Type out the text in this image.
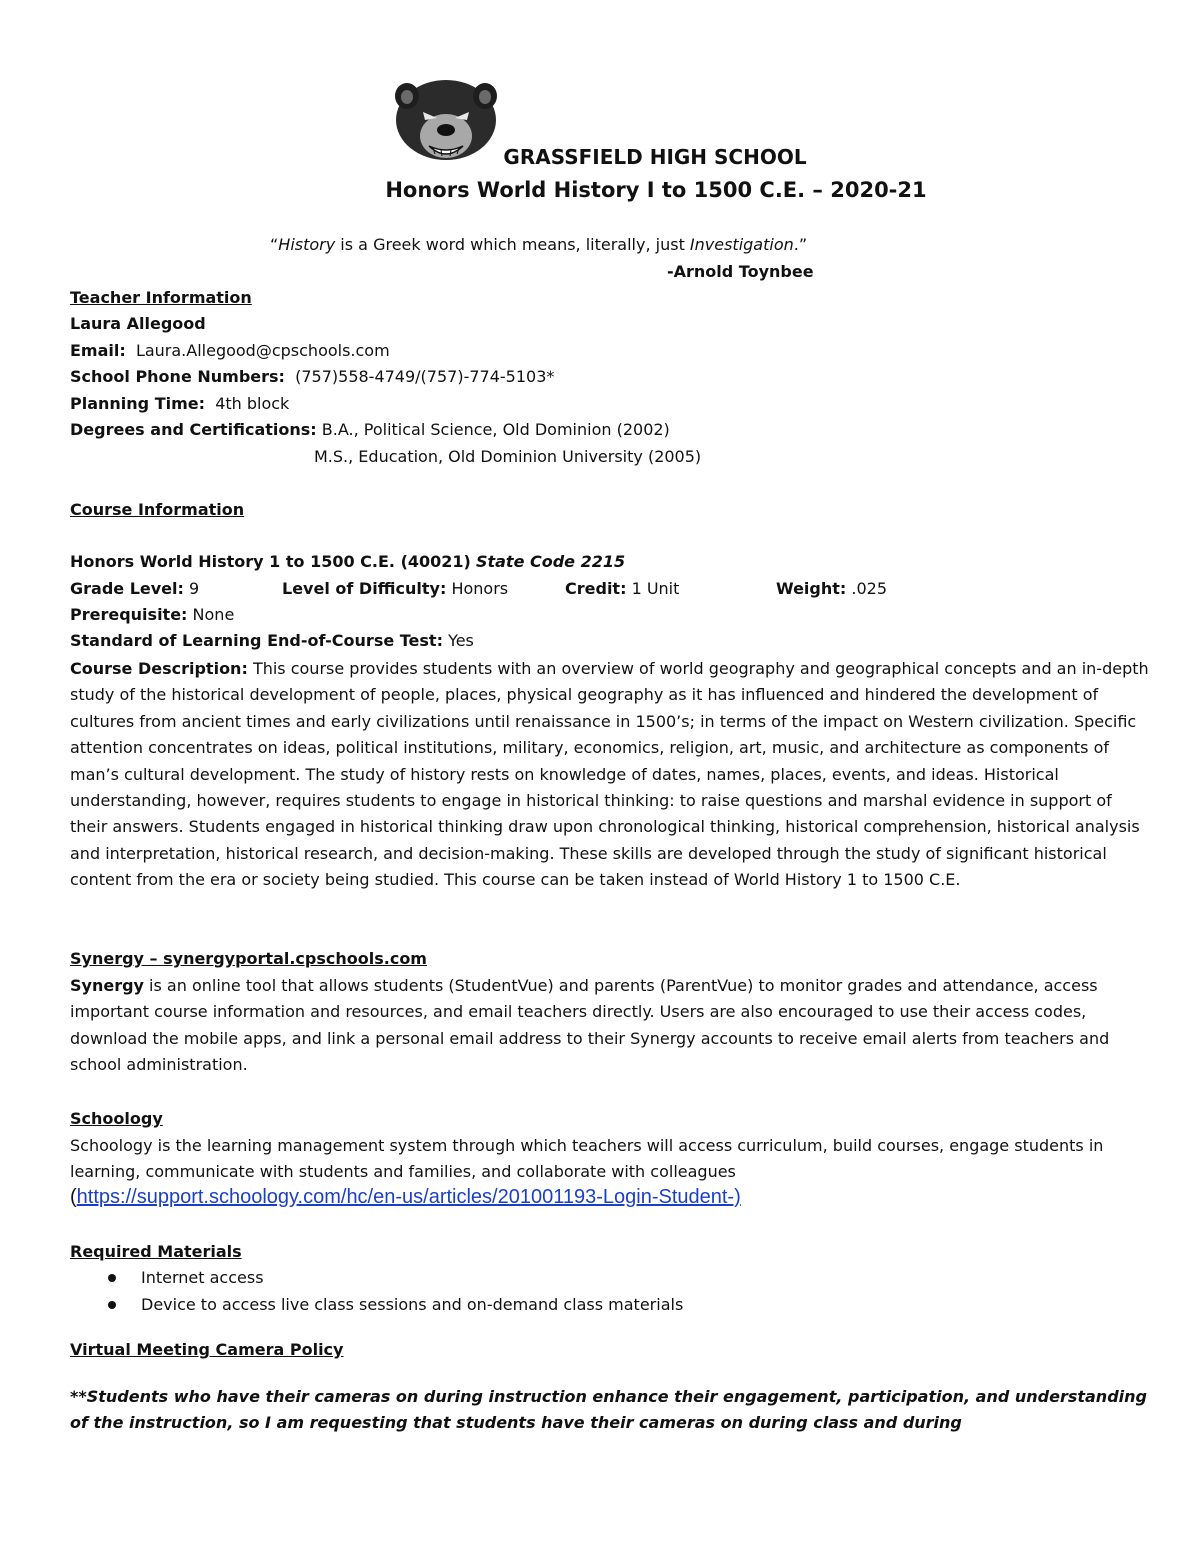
GRASSFIELD HIGH SCHOOL
Honors World History I to 1500 C.E. – 2020-21
“History is a Greek word which means, literally, just Investigation.”
-Arnold Toynbee
Teacher Information
Laura Allegood
Email: Laura.Allegood@cpschools.com
School Phone Numbers: (757)558-4749/(757)-774-5103*
Planning Time: 4th block
Degrees and Certifications: B.A., Political Science, Old Dominion (2002)
M.S., Education, Old Dominion University (2005)
Course Information
Honors World History 1 to 1500 C.E. (40021) State Code 2215
Grade Level: 9	Level of Difficulty: Honors	Credit: 1 Unit	Weight: .025
Prerequisite: None
Standard of Learning End-of-Course Test: Yes
Course Description: This course provides students with an overview of world geography and geographical concepts and an in-depth study of the historical development of people, places, physical geography as it has influenced and hindered the development of cultures from ancient times and early civilizations until renaissance in 1500’s; in terms of the impact on Western civilization. Specific attention concentrates on ideas, political institutions, military, economics, religion, art, music, and architecture as components of man’s cultural development. The study of history rests on knowledge of dates, names, places, events, and ideas. Historical understanding, however, requires students to engage in historical thinking: to raise questions and marshal evidence in support of their answers. Students engaged in historical thinking draw upon chronological thinking, historical comprehension, historical analysis and interpretation, historical research, and decision-making. These skills are developed through the study of significant historical content from the era or society being studied. This course can be taken instead of World History 1 to 1500 C.E.
Synergy – synergyportal.cpschools.com
Synergy is an online tool that allows students (StudentVue) and parents (ParentVue) to monitor grades and attendance, access important course information and resources, and email teachers directly. Users are also encouraged to use their access codes, download the mobile apps, and link a personal email address to their Synergy accounts to receive email alerts from teachers and school administration.
Schoology
Schoology is the learning management system through which teachers will access curriculum, build courses, engage students in learning, communicate with students and families, and collaborate with colleagues
(https://support.schoology.com/hc/en-us/articles/201001193-Login-Student-)
Required Materials
Internet access
Device to access live class sessions and on-demand class materials
Virtual Meeting Camera Policy
**Students who have their cameras on during instruction enhance their engagement, participation, and understanding of the instruction, so I am requesting that students have their cameras on during class and during
